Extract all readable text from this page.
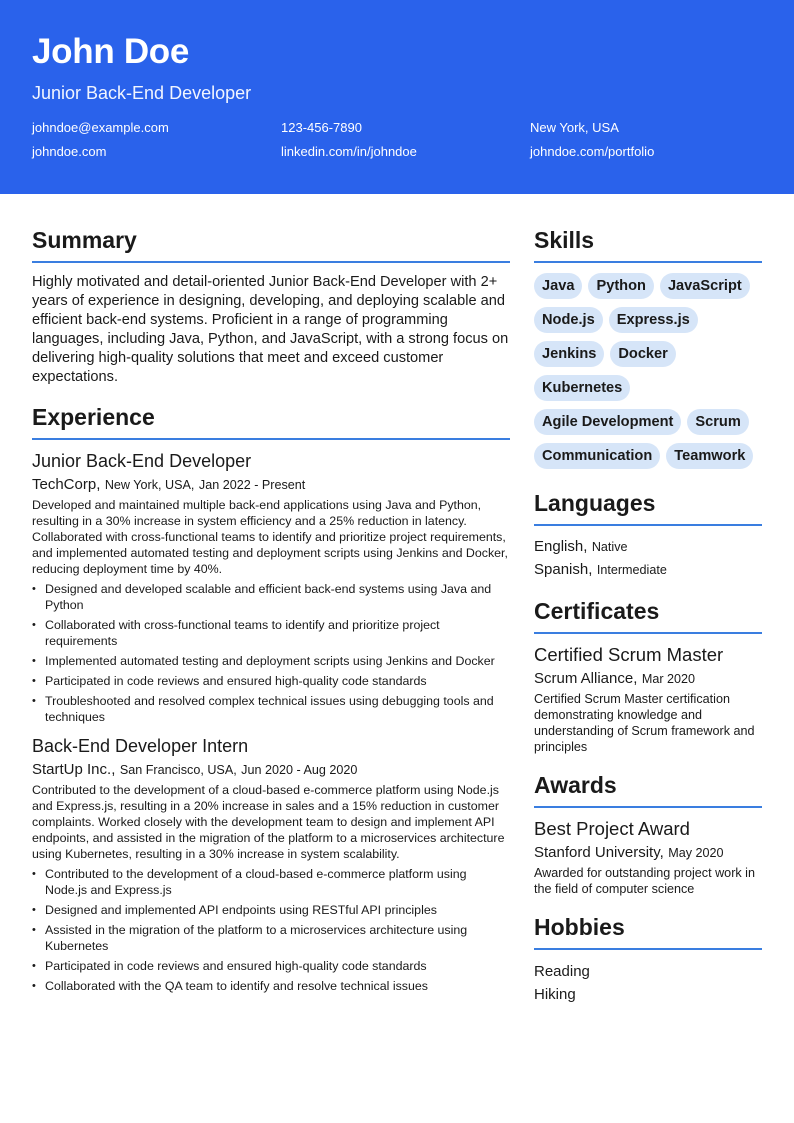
John Doe
Junior Back-End Developer
johndoe@example.com	123-456-7890	New York, USA
johndoe.com	linkedin.com/in/johndoe	johndoe.com/portfolio
Summary

Highly motivated and detail-oriented Junior Back-End Developer with 2+ years of experience in designing, developing, and deploying scalable and efficient back-end systems. Proficient in a range of programming languages, including Java, Python, and JavaScript, with a strong focus on delivering high-quality solutions that meet and exceed customer expectations.

Experience
Junior Back-End Developer
TechCorp, New York, USA, Jan 2022 - Present

Developed and maintained multiple back-end applications using Java and Python, resulting in a 30% increase in system efficiency and a 25% reduction in latency. Collaborated with cross-functional teams to identify and prioritize project requirements, and implemented automated testing and deployment scripts using Jenkins and Docker, reducing deployment time by 40%.

• Designed and developed scalable and efficient back-end systems using Java and Python
• Collaborated with cross-functional teams to identify and prioritize project requirements
• Implemented automated testing and deployment scripts using Jenkins and Docker
• Participated in code reviews and ensured high-quality code standards
• Troubleshooted and resolved complex technical issues using debugging tools and techniques
Back-End Developer Intern
StartUp Inc., San Francisco, USA, Jun 2020 - Aug 2020

Contributed to the development of a cloud-based e-commerce platform using Node.js and Express.js, resulting in a 20% increase in sales and a 15% reduction in customer complaints. Worked closely with the development team to design and implement API endpoints, and assisted in the migration of the platform to a microservices architecture using Kubernetes, resulting in a 30% increase in system scalability.

• Contributed to the development of a cloud-based e-commerce platform using Node.js and Express.js
• Designed and implemented API endpoints using RESTful API principles
• Assisted in the migration of the platform to a microservices architecture using Kubernetes
• Participated in code reviews and ensured high-quality code standards
• Collaborated with the QA team to identify and resolve technical issues
Skills
Java	Python	JavaScript
Node.js	Express.js
Jenkins	Docker
Kubernetes
Agile Development	Scrum
Communication	Teamwork
Languages
English, Native
Spanish, Intermediate
Certificates
Certified Scrum Master
Scrum Alliance, Mar 2020

Certified Scrum Master certification demonstrating knowledge and understanding of Scrum framework and principles

Awards
Best Project Award
Stanford University, May 2020

Awarded for outstanding project work in the field of computer science

Hobbies
Reading
Hiking
